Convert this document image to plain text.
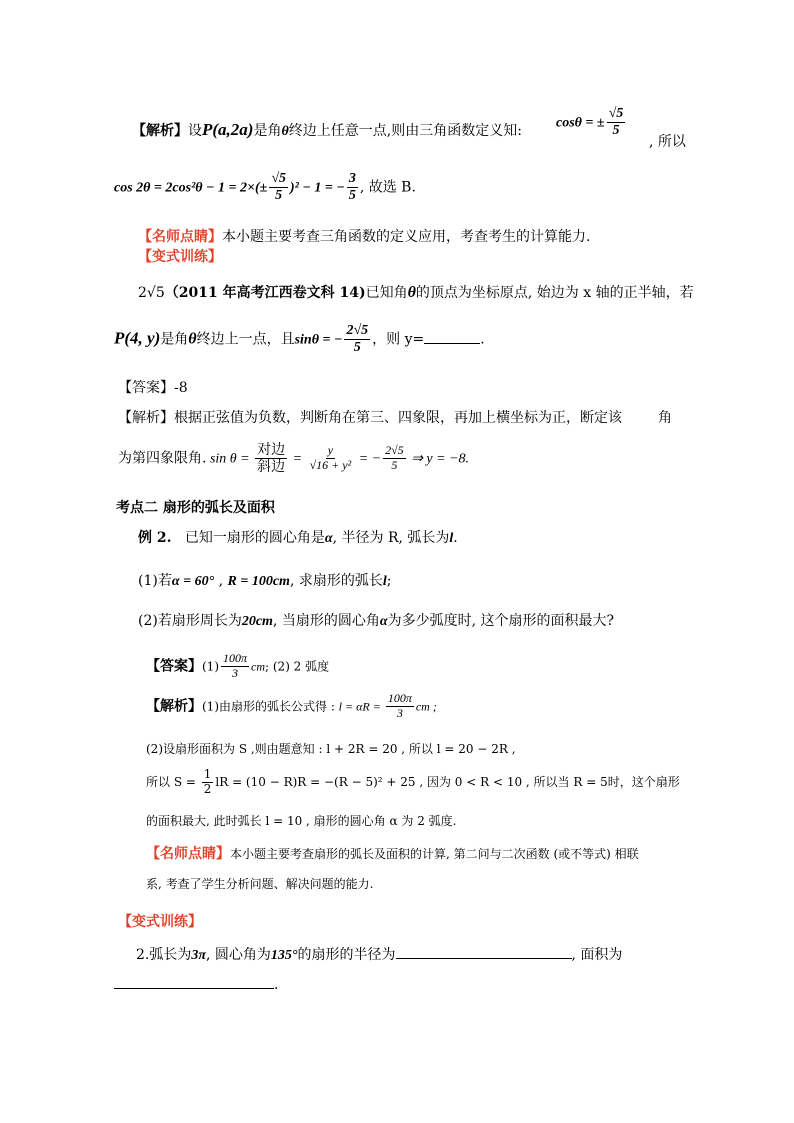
【解析】设P(a,2a)是角θ终边上任意一点,则由三角函数定义知: cosθ = ± $\frac{√5}{5}$
, 所以
$\cos 2\theta = 2\cos^2\theta - 1 = 2\times(\pm \frac{√5}{5} )^2 - 1$ = − $\frac{3}{5}$ , 故选 B.
【名师点睛】本小题主要考查三角函数的定义应用，考查考生的计算能力.
【变式训练】
2√5（2011 年高考江西卷文科 14)已知角θ的顶点为坐标原点, 始边为 x 轴的正半轴，若
P(4, y)是角θ终边上一点，且sinθ = − $\frac{2√5}{5}$ ，则 y=	.
【答案】-8
【解析】根据正弦值为负数，判断角在第三、四象限，再加上横坐标为正，断定该	角
为第四象限角. $\sin \theta = \frac{\text{对边}}{\text{斜边}} = \frac{y}{\text{√16 + y²}}$ = − $\frac{2√5}{5}$ ⇒ y = −8.
考点二 扇形的弧长及面积
例 2. 已知一扇形的圆心角是α, 半径为 R, 弧长为l.
(1)若α = 60° , R = 100cm, 求扇形的弧长l;
(2)若扇形周长为20cm, 当扇形的圆心角α为多少弧度时, 这个扇形的面积最大?
【答案】$(1) \frac{100\pi}{3}$ cm; (2) 2 弧度
【解析】(1)由扇形的弧长公式得 : $l = \alpha R = \frac{100\pi}{3}$ cm ;
(2)设扇形面积为 S ,则由题意知 : l + 2R = 20 , 所以 l = 20 − 2R ,
所以 $S = \frac{1}{2}$ lR = (10 − R)R = −(R − 5)² + 25 , 因为 0 < R < 10 , 所以当 R = 5时，这个扇形
的面积最大, 此时弧长 l = 10 , 扇形的圆心角 α 为 2 弧度.
【名师点睛】本小题主要考查扇形的弧长及面积的计算, 第二问与二次函数 (或不等式) 相联
系, 考查了学生分析问题、解决问题的能力.
【变式训练】
2.弧长为3π, 圆心角为135°的扇形的半径为	, 面积为
.
